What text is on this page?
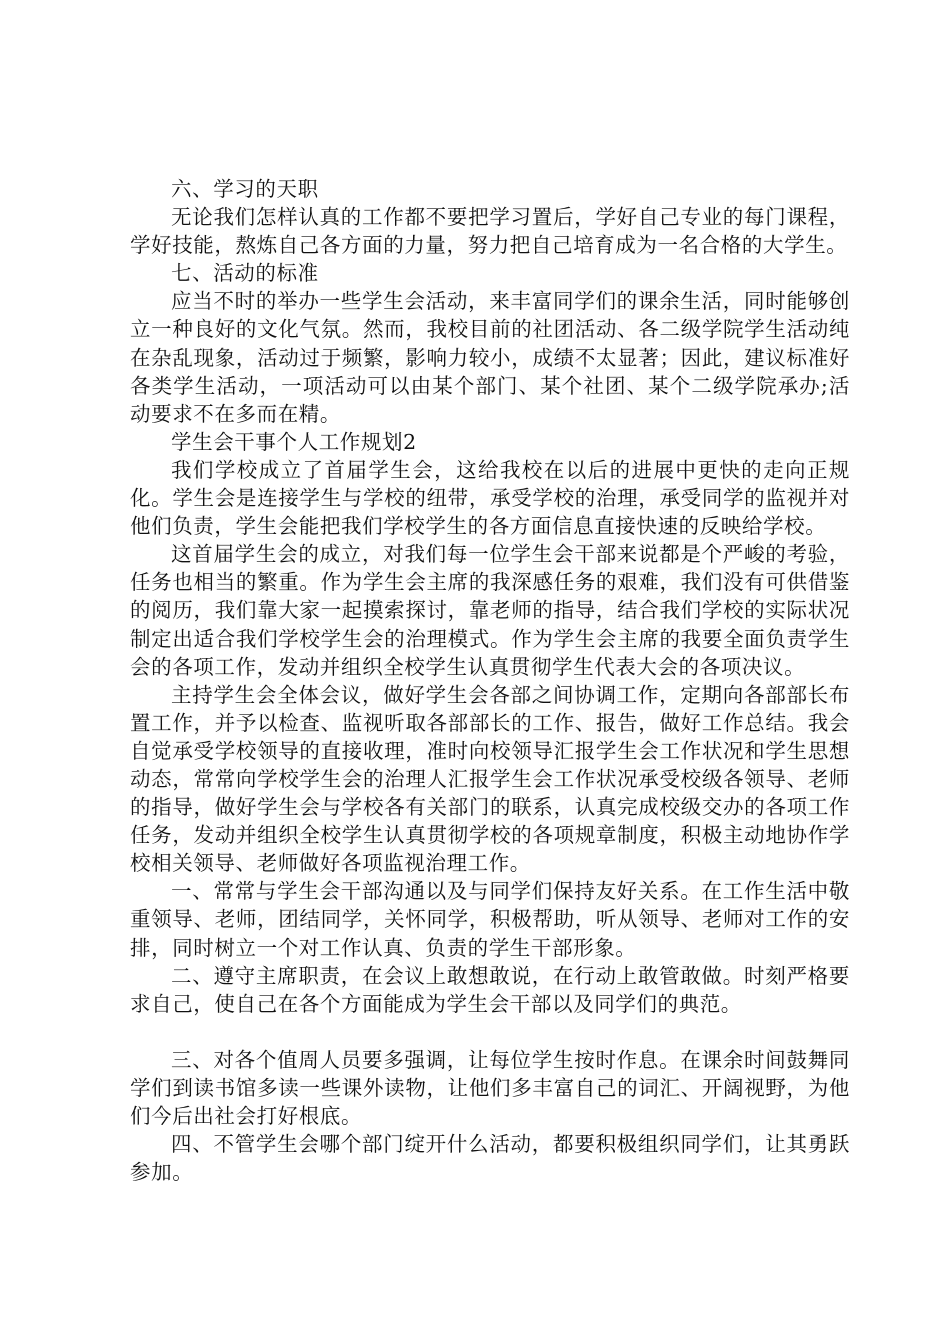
六、学习的天职

无论我们怎样认真的工作都不要把学习置后，学好自己专业的每门课程，学好技能，熬炼自己各方面的力量，努力把自己培育成为一名合格的大学生。

七、活动的标准

应当不时的举办一些学生会活动，来丰富同学们的课余生活，同时能够创立一种良好的文化气氛。然而，我校目前的社团活动、各二级学院学生活动纯在杂乱现象，活动过于频繁，影响力较小，成绩不太显著；因此，建议标准好各类学生活动，一项活动可以由某个部门、某个社团、某个二级学院承办;活动要求不在多而在精。

学生会干事个人工作规划2

我们学校成立了首届学生会，这给我校在以后的进展中更快的走向正规化。学生会是连接学生与学校的纽带，承受学校的治理，承受同学的监视并对他们负责，学生会能把我们学校学生的各方面信息直接快速的反映给学校。

这首届学生会的成立，对我们每一位学生会干部来说都是个严峻的考验，任务也相当的繁重。作为学生会主席的我深感任务的艰难，我们没有可供借鉴的阅历，我们靠大家一起摸索探讨，靠老师的指导，结合我们学校的实际状况制定出适合我们学校学生会的治理模式。作为学生会主席的我要全面负责学生会的各项工作，发动并组织全校学生认真贯彻学生代表大会的各项决议。

主持学生会全体会议，做好学生会各部之间协调工作，定期向各部部长布置工作，并予以检查、监视听取各部部长的工作、报告，做好工作总结。我会自觉承受学校领导的直接收理，准时向校领导汇报学生会工作状况和学生思想动态，常常向学校学生会的治理人汇报学生会工作状况承受校级各领导、老师的指导，做好学生会与学校各有关部门的联系，认真完成校级交办的各项工作任务，发动并组织全校学生认真贯彻学校的各项规章制度，积极主动地协作学校相关领导、老师做好各项监视治理工作。

一、常常与学生会干部沟通以及与同学们保持友好关系。在工作生活中敬重领导、老师，团结同学，关怀同学，积极帮助，听从领导、老师对工作的安排，同时树立一个对工作认真、负责的学生干部形象。

二、遵守主席职责，在会议上敢想敢说，在行动上敢管敢做。时刻严格要求自己，使自己在各个方面能成为学生会干部以及同学们的典范。

三、对各个值周人员要多强调，让每位学生按时作息。在课余时间鼓舞同学们到读书馆多读一些课外读物，让他们多丰富自己的词汇、开阔视野，为他们今后出社会打好根底。

四、不管学生会哪个部门绽开什么活动，都要积极组织同学们，让其勇跃参加。
